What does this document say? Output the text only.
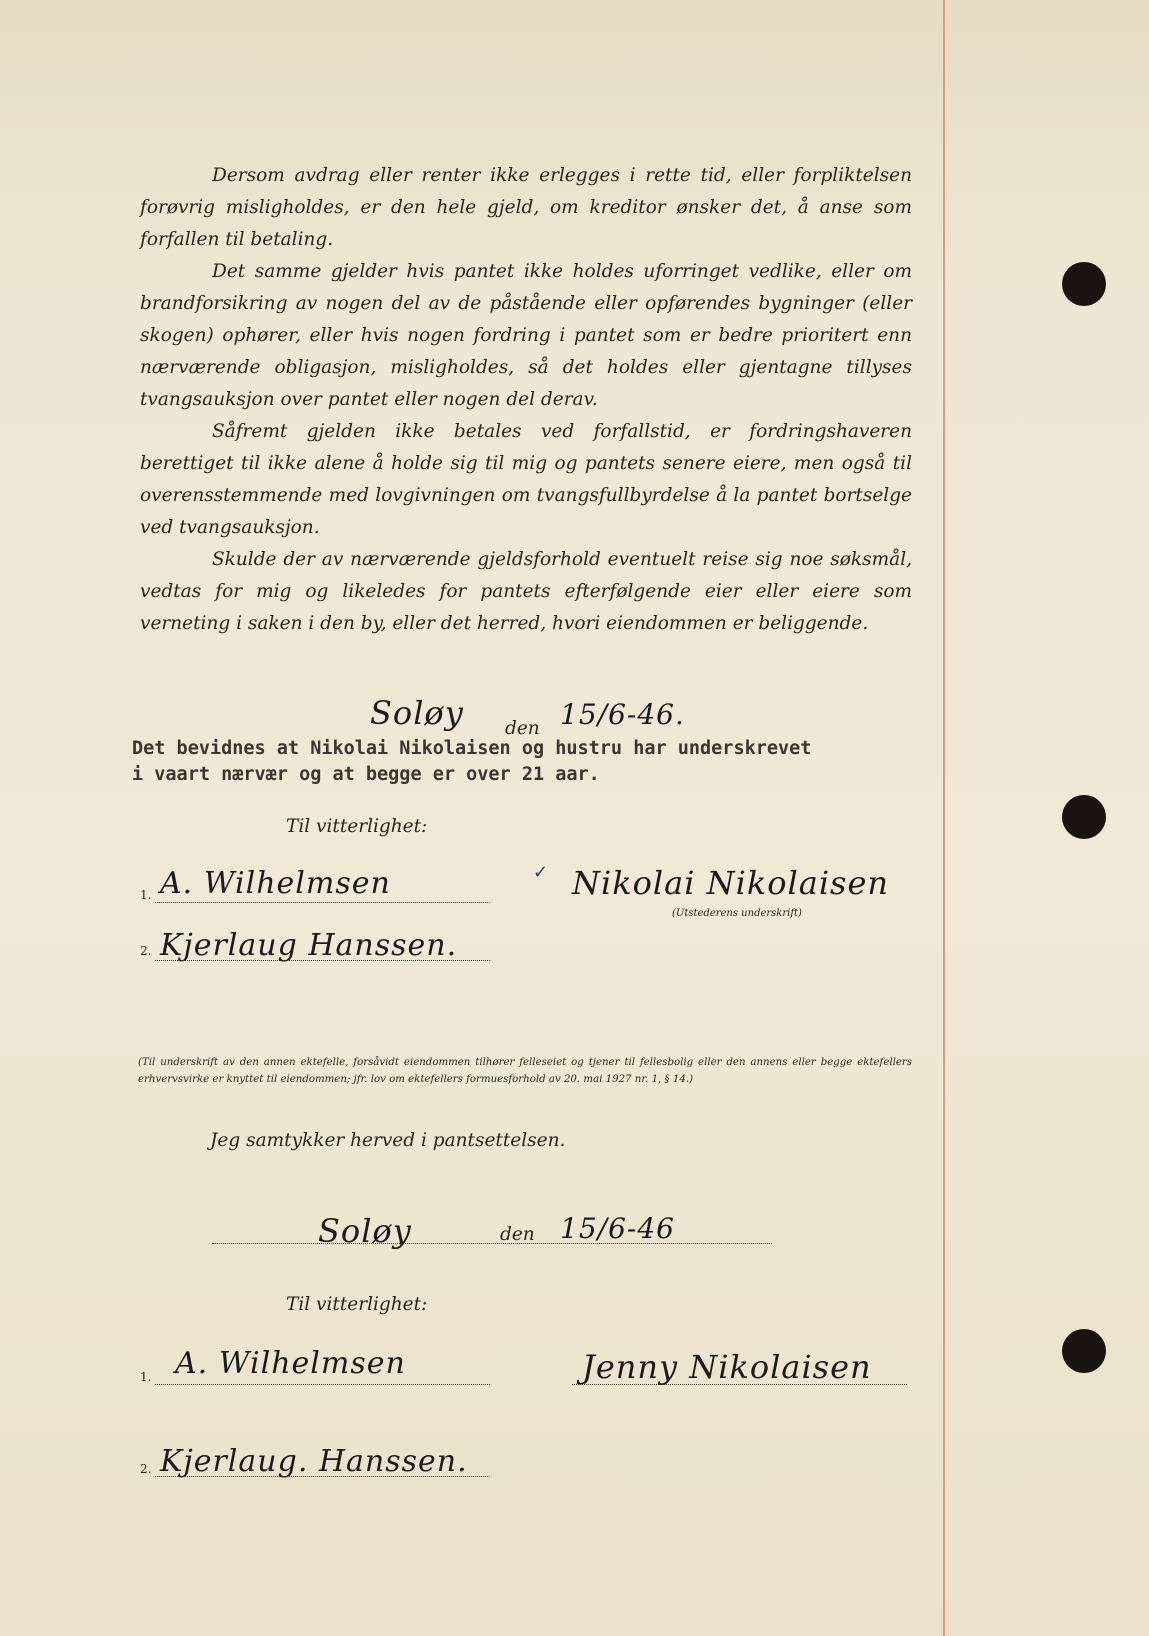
Dersom avdrag eller renter ikke erlegges i rette tid, eller forpliktelsen forøvrig misligholdes, er den hele gjeld, om kreditor ønsker det, å anse som forfallen til betaling.

Det samme gjelder hvis pantet ikke holdes uforringet vedlike, eller om brandforsikring av nogen del av de påstående eller opførendes bygninger (eller skogen) ophører, eller hvis nogen fordring i pantet som er bedre prioritert enn nærværende obligasjon, misligholdes, så det holdes eller gjentagne tillyses tvangsauksjon over pantet eller nogen del derav.

Såfremt gjelden ikke betales ved forfallstid, er fordringshaveren berettiget til ikke alene å holde sig til mig og pantets senere eiere, men også til overensstemmende med lovgivningen om tvangsfullbyrdelse å la pantet bortselge ved tvangsauksjon.

Skulde der av nærværende gjeldsforhold eventuelt reise sig noe søksmål, vedtas for mig og likeledes for pantets efterfølgende eier eller eiere som verneting i saken i den by, eller det herred, hvori eiendommen er beliggende.

Soløy den 15/6-46.
Det bevidnes at Nikolai Nikolaisen og hustru har underskrevet
i vaart nærvær og at begge er over 21 aar.
Til vitterlighet:
1. A. Wilhelmsen	✓ Nikolai Nikolaisen
(Utstederens underskrift)
2. Kjerlaug Hanssen.
(Til underskrift av den annen ektefelle, forsåvidt eiendommen tilhører felleseiet og tjener til fellesbolig eller den annens eller begge ektefellers erhvervsvirke er knyttet til eiendommen; jfr. lov om ektefellers formuesforhold av 20. mai 1927 nr. 1, § 14.)
Jeg samtykker herved i pantsettelsen.
Soløy	den 15/6-46
Til vitterlighet:
1. A. Wilhelmsen	Jenny Nikolaisen
2. Kjerlaug. Hanssen.
